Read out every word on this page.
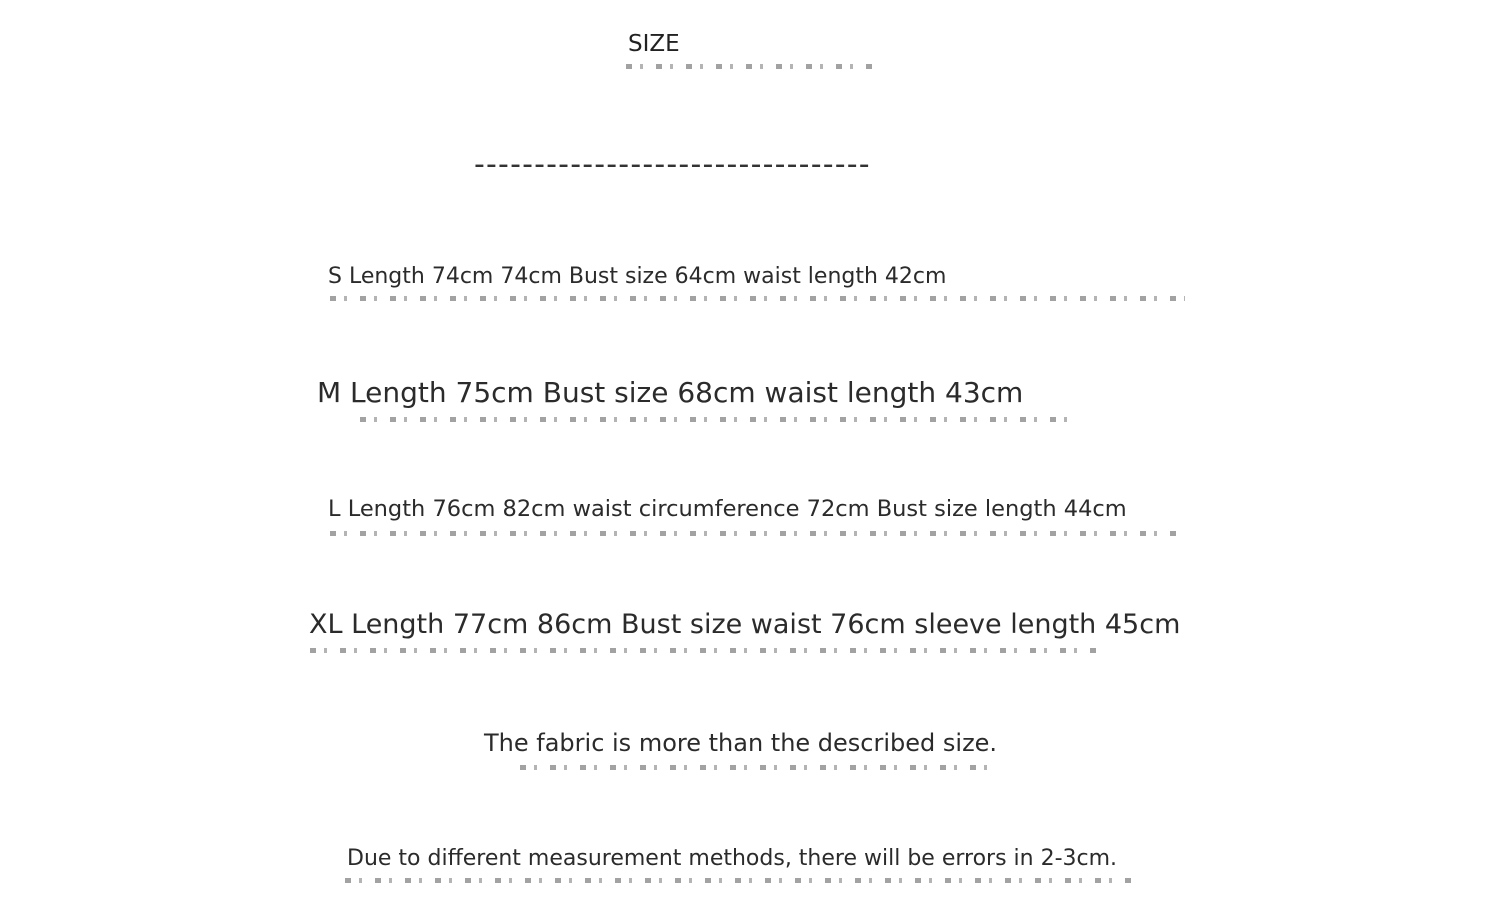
SIZE
---------------------------------
S Length 74cm 74cm Bust size 64cm waist length 42cm
M Length 75cm Bust size 68cm waist length 43cm
L Length 76cm 82cm waist circumference 72cm Bust size length 44cm
XL Length 77cm 86cm Bust size waist 76cm sleeve length 45cm
The fabric is more than the described size.
Due to different measurement methods, there will be errors in 2-3cm.
